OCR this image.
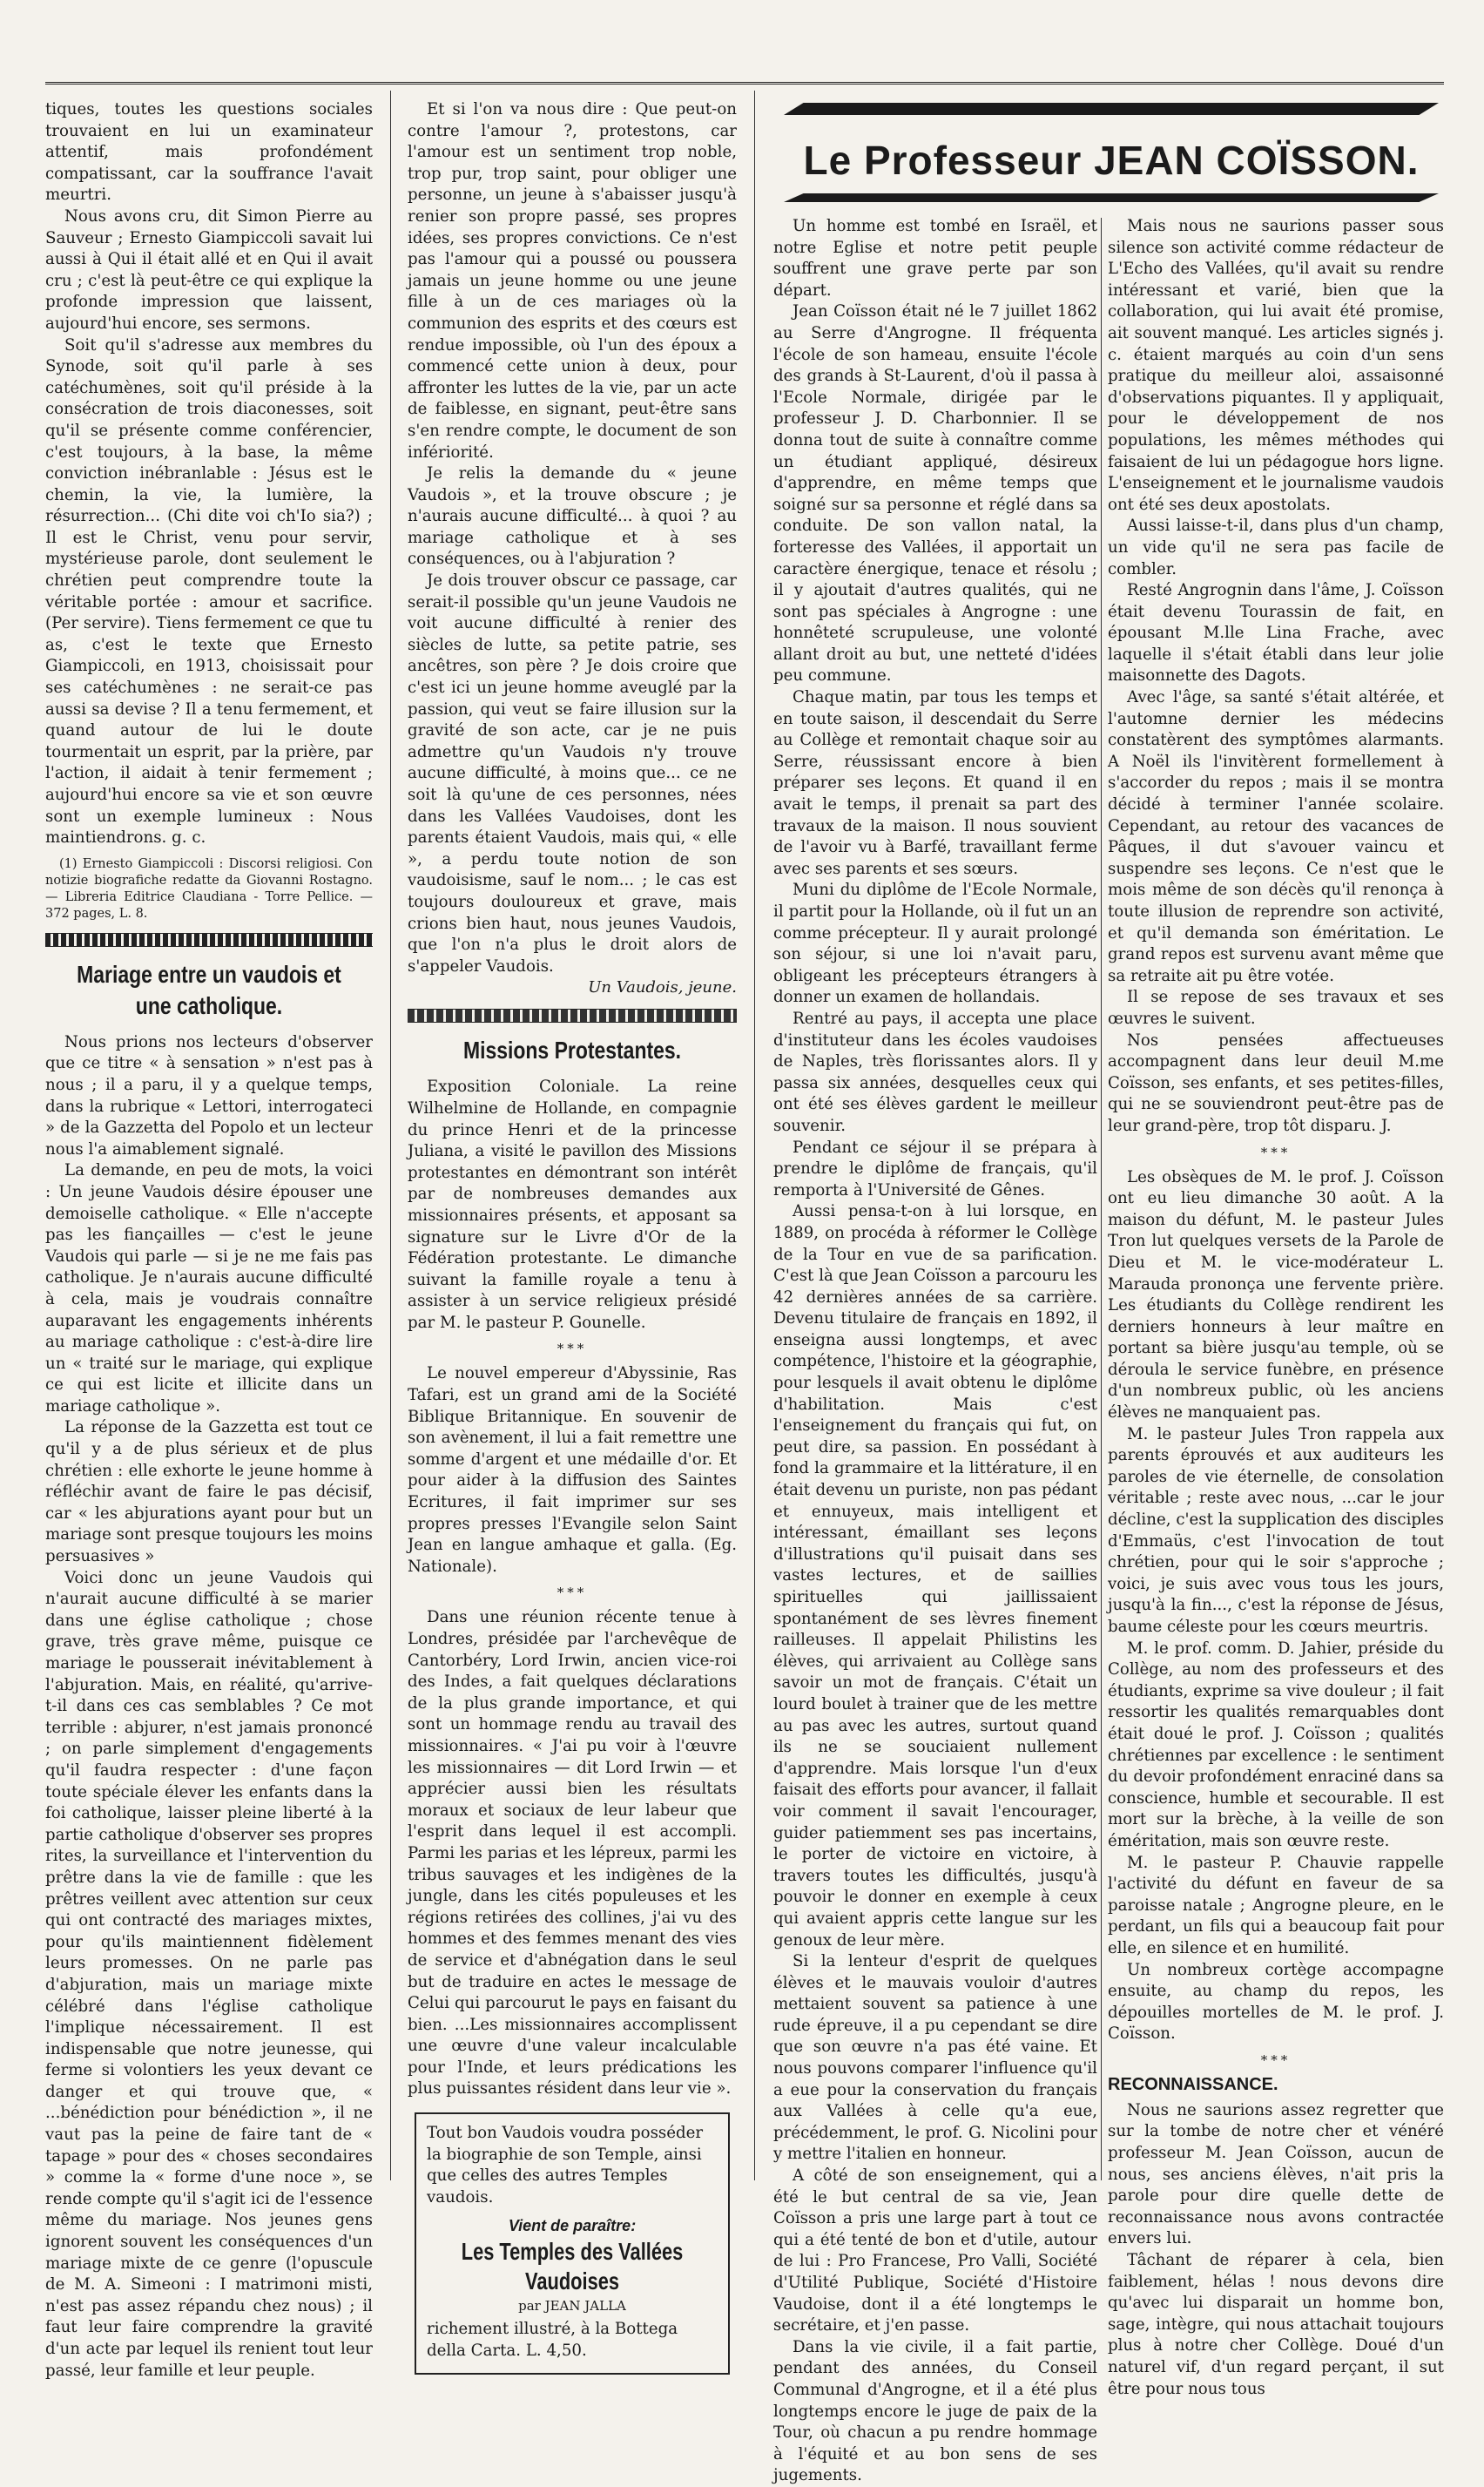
tiques, toutes les questions sociales trouvaient en lui un examinateur attentif, mais profondément compatissant, car la souffrance l'avait meurtri.

Nous avons cru, dit Simon Pierre au Sauveur ; Ernesto Giampiccoli savait lui aussi à Qui il était allé et en Qui il avait cru ; c'est là peut-être ce qui explique la profonde impression que laissent, aujourd'hui encore, ses sermons.

Soit qu'il s'adresse aux membres du Synode, soit qu'il parle à ses catéchumènes, soit qu'il préside à la consécration de trois diaconesses, soit qu'il se présente comme conférencier, c'est toujours, à la base, la même conviction inébranlable : Jésus est le chemin, la vie, la lumière, la résurrection... (Chi dite voi ch'Io sia?) ; Il est le Christ, venu pour servir, mystérieuse parole, dont seulement le chrétien peut comprendre toute la véritable portée : amour et sacrifice. (Per servire). Tiens fermement ce que tu as, c'est le texte que Ernesto Giampiccoli, en 1913, choisissait pour ses catéchumènes : ne serait-ce pas aussi sa devise ? Il a tenu fermement, et quand autour de lui le doute tourmentait un esprit, par la prière, par l'action, il aidait à tenir fermement ; aujourd'hui encore sa vie et son œuvre sont un exemple lumineux : Nous maintiendrons. g. c.

(1) Ernesto Giampiccoli : Discorsi religiosi. Con notizie biografiche redatte da Giovanni Rostagno. — Libreria Editrice Claudiana - Torre Pellice. — 372 pages, L. 8.

Mariage entre un vaudois et une catholique.

Nous prions nos lecteurs d'observer que ce titre « à sensation » n'est pas à nous ; il a paru, il y a quelque temps, dans la rubrique « Lettori, interrogateci » de la Gazzetta del Popolo et un lecteur nous l'a aimablement signalé.

La demande, en peu de mots, la voici : Un jeune Vaudois désire épouser une demoiselle catholique. « Elle n'accepte pas les fiançailles — c'est le jeune Vaudois qui parle — si je ne me fais pas catholique. Je n'aurais aucune difficulté à cela, mais je voudrais connaître auparavant les engagements inhérents au mariage catholique : c'est-à-dire lire un « traité sur le mariage, qui explique ce qui est licite et illicite dans un mariage catholique ».

La réponse de la Gazzetta est tout ce qu'il y a de plus sérieux et de plus chrétien : elle exhorte le jeune homme à réfléchir avant de faire le pas décisif, car « les abjurations ayant pour but un mariage sont presque toujours les moins persuasives »

Voici donc un jeune Vaudois qui n'aurait aucune difficulté à se marier dans une église catholique ; chose grave, très grave même, puisque ce mariage le pousserait inévitablement à l'abjuration. Mais, en réalité, qu'arrive-t-il dans ces cas semblables ? Ce mot terrible : abjurer, n'est jamais prononcé ; on parle simplement d'engagements qu'il faudra respecter : d'une façon toute spéciale élever les enfants dans la foi catholique, laisser pleine liberté à la partie catholique d'observer ses propres rites, la surveillance et l'intervention du prêtre dans la vie de famille : que les prêtres veillent avec attention sur ceux qui ont contracté des mariages mixtes, pour qu'ils maintiennent fidèlement leurs promesses. On ne parle pas d'abjuration, mais un mariage mixte célébré dans l'église catholique l'implique nécessairement. Il est indispensable que notre jeunesse, qui ferme si volontiers les yeux devant ce danger et qui trouve que, « ...bénédiction pour bénédiction », il ne vaut pas la peine de faire tant de « tapage » pour des « choses secondaires » comme la « forme d'une noce », se rende compte qu'il s'agit ici de l'essence même du mariage. Nos jeunes gens ignorent souvent les conséquences d'un mariage mixte de ce genre (l'opuscule de M. A. Simeoni : I matrimoni misti, n'est pas assez répandu chez nous) ; il faut leur faire comprendre la gravité d'un acte par lequel ils renient tout leur passé, leur famille et leur peuple.

Et si l'on va nous dire : Que peut-on contre l'amour ?, protestons, car l'amour est un sentiment trop noble, trop pur, trop saint, pour obliger une personne, un jeune à s'abaisser jusqu'à renier son propre passé, ses propres idées, ses propres convictions. Ce n'est pas l'amour qui a poussé ou poussera jamais un jeune homme ou une jeune fille à un de ces mariages où la communion des esprits et des cœurs est rendue impossible, où l'un des époux a commencé cette union à deux, pour affronter les luttes de la vie, par un acte de faiblesse, en signant, peut-être sans s'en rendre compte, le document de son infériorité.

Je relis la demande du « jeune Vaudois », et la trouve obscure ; je n'aurais aucune difficulté... à quoi ? au mariage catholique et à ses conséquences, ou à l'abjuration ?

Je dois trouver obscur ce passage, car serait-il possible qu'un jeune Vaudois ne voit aucune difficulté à renier des siècles de lutte, sa petite patrie, ses ancêtres, son père ? Je dois croire que c'est ici un jeune homme aveuglé par la passion, qui veut se faire illusion sur la gravité de son acte, car je ne puis admettre qu'un Vaudois n'y trouve aucune difficulté, à moins que... ce ne soit là qu'une de ces personnes, nées dans les Vallées Vaudoises, dont les parents étaient Vaudois, mais qui, « elle », a perdu toute notion de son vaudoisisme, sauf le nom... ; le cas est toujours douloureux et grave, mais crions bien haut, nous jeunes Vaudois, que l'on n'a plus le droit alors de s'appeler Vaudois.

Un Vaudois, jeune.
Missions Protestantes.

Exposition Coloniale. La reine Wilhelmine de Hollande, en compagnie du prince Henri et de la princesse Juliana, a visité le pavillon des Missions protestantes en démontrant son intérêt par de nombreuses demandes aux missionnaires présents, et apposant sa signature sur le Livre d'Or de la Fédération protestante. Le dimanche suivant la famille royale a tenu à assister à un service religieux présidé par M. le pasteur P. Gounelle.

***

Le nouvel empereur d'Abyssinie, Ras Tafari, est un grand ami de la Société Biblique Britannique. En souvenir de son avènement, il lui a fait remettre une somme d'argent et une médaille d'or. Et pour aider à la diffusion des Saintes Ecritures, il fait imprimer sur ses propres presses l'Evangile selon Saint Jean en langue amhaque et galla. (Eg. Nationale).

***

Dans une réunion récente tenue à Londres, présidée par l'archevêque de Cantorbéry, Lord Irwin, ancien vice-roi des Indes, a fait quelques déclarations de la plus grande importance, et qui sont un hommage rendu au travail des missionnaires. « J'ai pu voir à l'œuvre les missionnaires — dit Lord Irwin — et apprécier aussi bien les résultats moraux et sociaux de leur labeur que l'esprit dans lequel il est accompli. Parmi les parias et les lépreux, parmi les tribus sauvages et les indigènes de la jungle, dans les cités populeuses et les régions retirées des collines, j'ai vu des hommes et des femmes menant des vies de service et d'abnégation dans le seul but de traduire en actes le message de Celui qui parcourut le pays en faisant du bien. ...Les missionnaires accomplissent une œuvre d'une valeur incalculable pour l'Inde, et leurs prédications les plus puissantes résident dans leur vie ».

Tout bon Vaudois voudra posséder la biographie de son Temple, ainsi que celles des autres Temples vaudois.

Vient de paraître:
Les Temples des Vallées Vaudoises
par JEAN JALLA

richement illustré, à la Bottega della Carta. L. 4,50.

Le Professeur JEAN COÏSSON.

Un homme est tombé en Israël, et notre Eglise et notre petit peuple souffrent une grave perte par son départ.

Jean Coïsson était né le 7 juillet 1862 au Serre d'Angrogne. Il fréquenta l'école de son hameau, ensuite l'école des grands à St-Laurent, d'où il passa à l'Ecole Normale, dirigée par le professeur J. D. Charbonnier. Il se donna tout de suite à connaître comme un étudiant appliqué, désireux d'apprendre, en même temps que soigné sur sa personne et réglé dans sa conduite. De son vallon natal, la forteresse des Vallées, il apportait un caractère énergique, tenace et résolu ; il y ajoutait d'autres qualités, qui ne sont pas spéciales à Angrogne : une honnêteté scrupuleuse, une volonté allant droit au but, une netteté d'idées peu commune.

Chaque matin, par tous les temps et en toute saison, il descendait du Serre au Collège et remontait chaque soir au Serre, réussissant encore à bien préparer ses leçons. Et quand il en avait le temps, il prenait sa part des travaux de la maison. Il nous souvient de l'avoir vu à Barfé, travaillant ferme avec ses parents et ses sœurs.

Muni du diplôme de l'Ecole Normale, il partit pour la Hollande, où il fut un an comme précepteur. Il y aurait prolongé son séjour, si une loi n'avait paru, obligeant les précepteurs étrangers à donner un examen de hollandais.

Rentré au pays, il accepta une place d'instituteur dans les écoles vaudoises de Naples, très florissantes alors. Il y passa six années, desquelles ceux qui ont été ses élèves gardent le meilleur souvenir.

Pendant ce séjour il se prépara à prendre le diplôme de français, qu'il remporta à l'Université de Gênes.

Aussi pensa-t-on à lui lorsque, en 1889, on procéda à réformer le Collège de la Tour en vue de sa parification. C'est là que Jean Coïsson a parcouru les 42 dernières années de sa carrière. Devenu titulaire de français en 1892, il enseigna aussi longtemps, et avec compétence, l'histoire et la géographie, pour lesquels il avait obtenu le diplôme d'habilitation. Mais c'est l'enseignement du français qui fut, on peut dire, sa passion. En possédant à fond la grammaire et la littérature, il en était devenu un puriste, non pas pédant et ennuyeux, mais intelligent et intéressant, émaillant ses leçons d'illustrations qu'il puisait dans ses vastes lectures, et de saillies spirituelles qui jaillissaient spontanément de ses lèvres finement railleuses. Il appelait Philistins les élèves, qui arrivaient au Collège sans savoir un mot de français. C'était un lourd boulet à trainer que de les mettre au pas avec les autres, surtout quand ils ne se souciaient nullement d'apprendre. Mais lorsque l'un d'eux faisait des efforts pour avancer, il fallait voir comment il savait l'encourager, guider patiemment ses pas incertains, le porter de victoire en victoire, à travers toutes les difficultés, jusqu'à pouvoir le donner en exemple à ceux qui avaient appris cette langue sur les genoux de leur mère.

Si la lenteur d'esprit de quelques élèves et le mauvais vouloir d'autres mettaient souvent sa patience à une rude épreuve, il a pu cependant se dire que son œuvre n'a pas été vaine. Et nous pouvons comparer l'influence qu'il a eue pour la conservation du français aux Vallées à celle qu'a eue, précédemment, le prof. G. Nicolini pour y mettre l'italien en honneur.

A côté de son enseignement, qui a été le but central de sa vie, Jean Coïsson a pris une large part à tout ce qui a été tenté de bon et d'utile, autour de lui : Pro Francese, Pro Valli, Société d'Utilité Publique, Société d'Histoire Vaudoise, dont il a été longtemps le secrétaire, et j'en passe.

Dans la vie civile, il a fait partie, pendant des années, du Conseil Communal d'Angrogne, et il a été plus longtemps encore le juge de paix de la Tour, où chacun a pu rendre hommage à l'équité et au bon sens de ses jugements.

Mais nous ne saurions passer sous silence son activité comme rédacteur de L'Echo des Vallées, qu'il avait su rendre intéressant et varié, bien que la collaboration, qui lui avait été promise, ait souvent manqué. Les articles signés j. c. étaient marqués au coin d'un sens pratique du meilleur aloi, assaisonné d'observations piquantes. Il y appliquait, pour le développement de nos populations, les mêmes méthodes qui faisaient de lui un pédagogue hors ligne. L'enseignement et le journalisme vaudois ont été ses deux apostolats.

Aussi laisse-t-il, dans plus d'un champ, un vide qu'il ne sera pas facile de combler.

Resté Angrognin dans l'âme, J. Coïsson était devenu Tourassin de fait, en épousant M.lle Lina Frache, avec laquelle il s'était établi dans leur jolie maisonnette des Dagots.

Avec l'âge, sa santé s'était altérée, et l'automne dernier les médecins constatèrent des symptômes alarmants. A Noël ils l'invitèrent formellement à s'accorder du repos ; mais il se montra décidé à terminer l'année scolaire. Cependant, au retour des vacances de Pâques, il dut s'avouer vaincu et suspendre ses leçons. Ce n'est que le mois même de son décès qu'il renonça à toute illusion de reprendre son activité, et qu'il demanda son éméritation. Le grand repos est survenu avant même que sa retraite ait pu être votée.

Il se repose de ses travaux et ses œuvres le suivent.

Nos pensées affectueuses accompagnent dans leur deuil M.me Coïsson, ses enfants, et ses petites-filles, qui ne se souviendront peut-être pas de leur grand-père, trop tôt disparu. J.

***

Les obsèques de M. le prof. J. Coïsson ont eu lieu dimanche 30 août. A la maison du défunt, M. le pasteur Jules Tron lut quelques versets de la Parole de Dieu et M. le vice-modérateur L. Marauda prononça une fervente prière. Les étudiants du Collège rendirent les derniers honneurs à leur maître en portant sa bière jusqu'au temple, où se déroula le service funèbre, en présence d'un nombreux public, où les anciens élèves ne manquaient pas.

M. le pasteur Jules Tron rappela aux parents éprouvés et aux auditeurs les paroles de vie éternelle, de consolation véritable ; reste avec nous, ...car le jour décline, c'est la supplication des disciples d'Emmaüs, c'est l'invocation de tout chrétien, pour qui le soir s'approche ; voici, je suis avec vous tous les jours, jusqu'à la fin..., c'est la réponse de Jésus, baume céleste pour les cœurs meurtris.

M. le prof. comm. D. Jahier, préside du Collège, au nom des professeurs et des étudiants, exprime sa vive douleur ; il fait ressortir les qualités remarquables dont était doué le prof. J. Coïsson ; qualités chrétiennes par excellence : le sentiment du devoir profondément enraciné dans sa conscience, humble et secourable. Il est mort sur la brèche, à la veille de son éméritation, mais son œuvre reste.

M. le pasteur P. Chauvie rappelle l'activité du défunt en faveur de sa paroisse natale ; Angrogne pleure, en le perdant, un fils qui a beaucoup fait pour elle, en silence et en humilité.

Un nombreux cortège accompagne ensuite, au champ du repos, les dépouilles mortelles de M. le prof. J. Coïsson.

***
RECONNAISSANCE.

Nous ne saurions assez regretter que sur la tombe de notre cher et vénéré professeur M. Jean Coïsson, aucun de nous, ses anciens élèves, n'ait pris la parole pour dire quelle dette de reconnaissance nous avons contractée envers lui.

Tâchant de réparer à cela, bien faiblement, hélas ! nous devons dire qu'avec lui disparait un homme bon, sage, intègre, qui nous attachait toujours plus à notre cher Collège. Doué d'un naturel vif, d'un regard perçant, il sut être pour nous tous
